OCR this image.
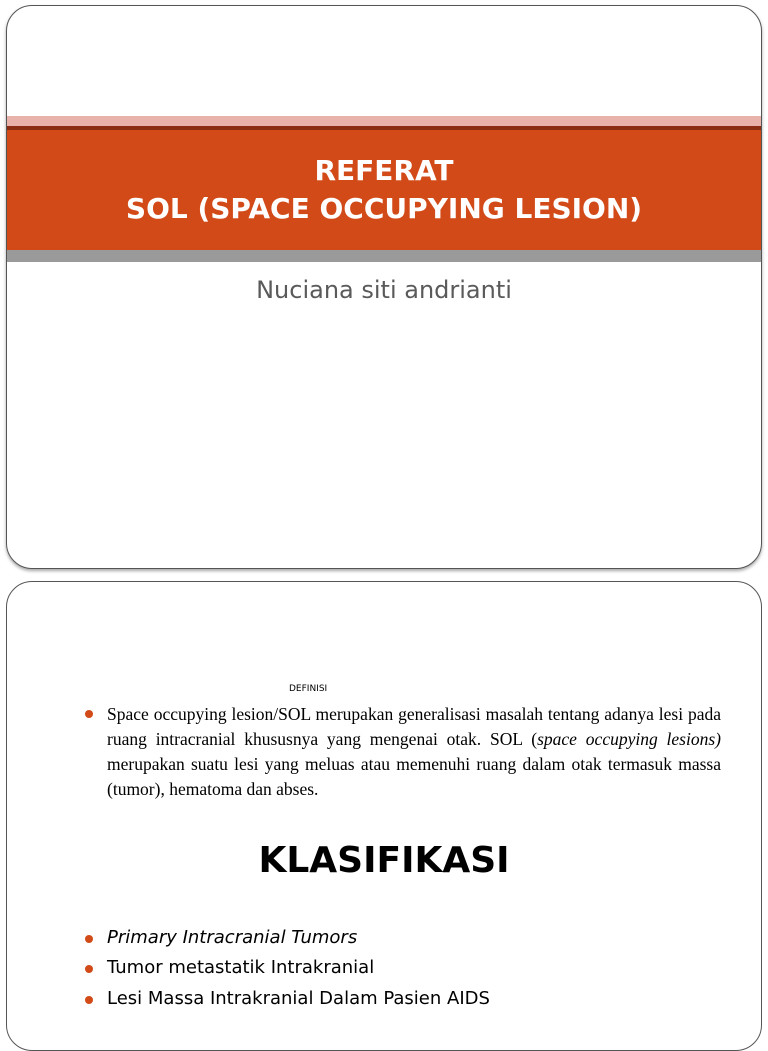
REFERAT
SOL (SPACE OCCUPYING LESION)
Nuciana siti andrianti
DEFINISI
Space occupying lesion/SOL merupakan generalisasi masalah tentang adanya lesi pada ruang intracranial khususnya yang mengenai otak. SOL (space occupying lesions) merupakan suatu lesi yang meluas atau memenuhi ruang dalam otak termasuk massa (tumor), hematoma dan abses.
KLASIFIKASI
Primary Intracranial Tumors
Tumor metastatik Intrakranial
Lesi Massa Intrakranial Dalam Pasien AIDS
